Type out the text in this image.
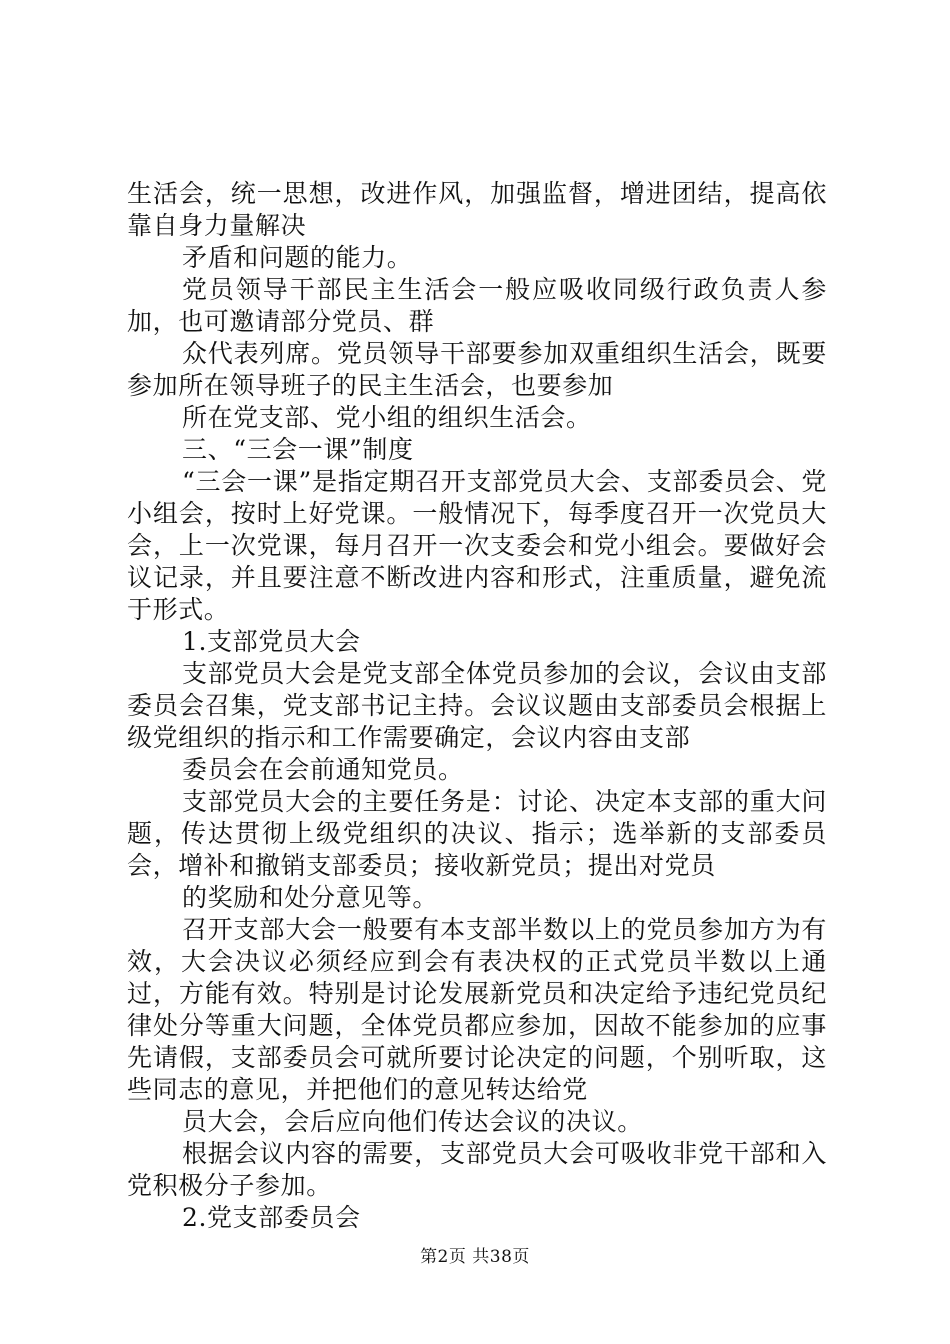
生活会，统一思想，改进作风，加强监督，增进团结，提高依靠自身力量解决

矛盾和问题的能力。

党员领导干部民主生活会一般应吸收同级行政负责人参加，也可邀请部分党员、群

众代表列席。党员领导干部要参加双重组织生活会，既要参加所在领导班子的民主生活会，也要参加

所在党支部、党小组的组织生活会。

三、“三会一课”制度

“三会一课”是指定期召开支部党员大会、支部委员会、党小组会，按时上好党课。一般情况下，每季度召开一次党员大会，上一次党课，每月召开一次支委会和党小组会。要做好会议记录，并且要注意不断改进内容和形式，注重质量，避免流于形式。

1.支部党员大会

支部党员大会是党支部全体党员参加的会议，会议由支部委员会召集，党支部书记主持。会议议题由支部委员会根据上级党组织的指示和工作需要确定，会议内容由支部

委员会在会前通知党员。

支部党员大会的主要任务是：讨论、决定本支部的重大问题，传达贯彻上级党组织的决议、指示；选举新的支部委员会，增补和撤销支部委员；接收新党员；提出对党员

的奖励和处分意见等。

召开支部大会一般要有本支部半数以上的党员参加方为有效，大会决议必须经应到会有表决权的正式党员半数以上通过，方能有效。特别是讨论发展新党员和决定给予违纪党员纪律处分等重大问题，全体党员都应参加，因故不能参加的应事先请假，支部委员会可就所要讨论决定的问题，个别听取，这些同志的意见，并把他们的意见转达给党

员大会，会后应向他们传达会议的决议。

根据会议内容的需要，支部党员大会可吸收非党干部和入党积极分子参加。

2.党支部委员会

第2页 共38页
